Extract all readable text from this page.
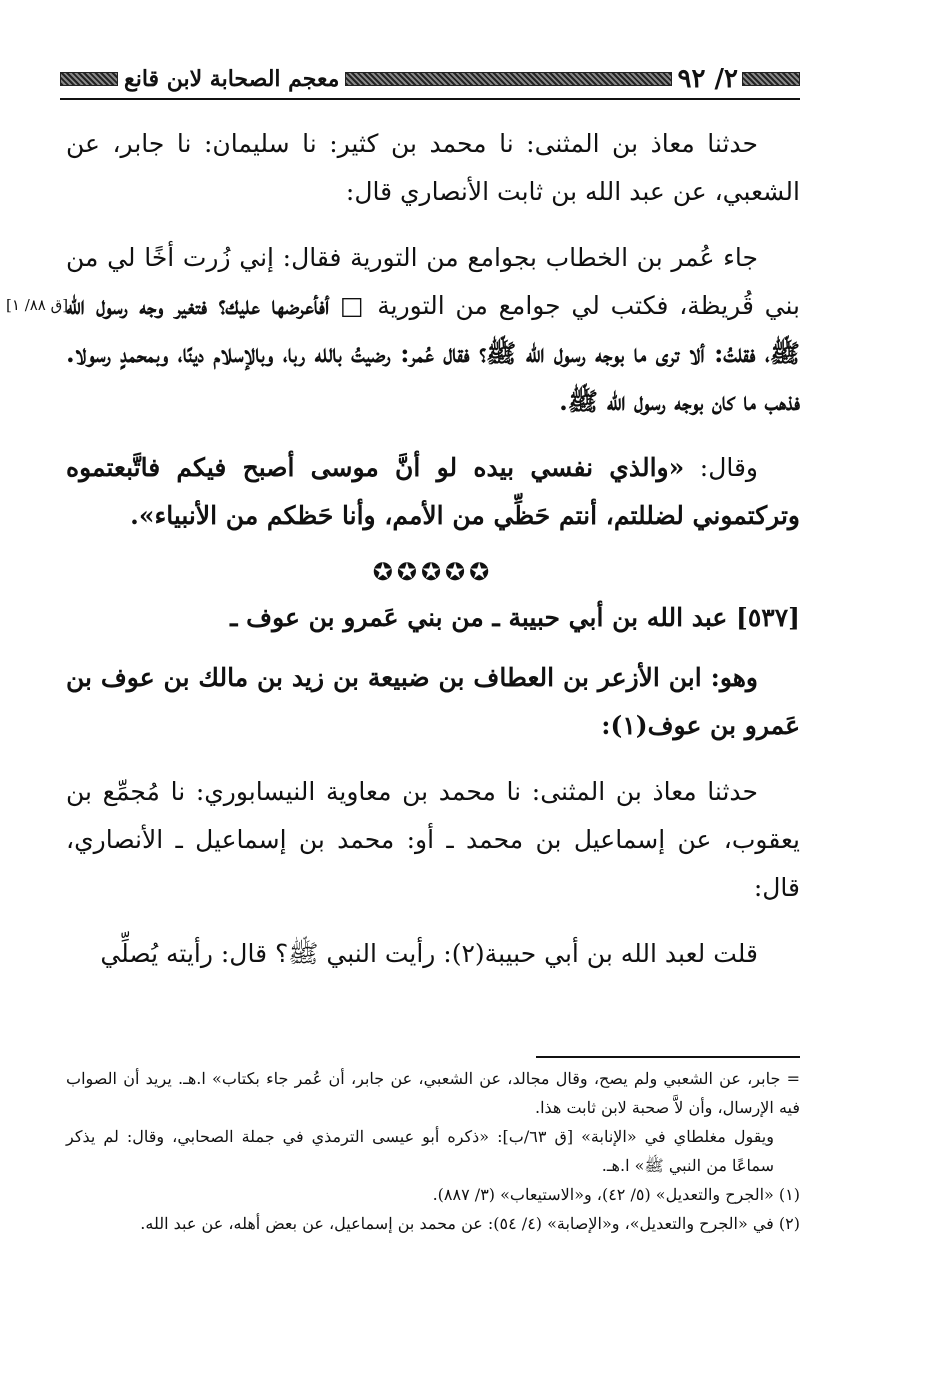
٢/ ٩٢
معجم الصحابة لابن قانع
[ق ٨٨/ ١]

حدثنا معاذ بن المثنى: نا محمد بن كثير: نا سليمان: نا جابر، عن الشعبي، عن عبد الله بن ثابت الأنصاري قال:

جاء عُمر بن الخطاب بجوامع من التورية فقال: إني زُرت أخًا لي من بني قُريظة، فكتب لي جوامع من التورية □ أفأعرضها عليك؟ فتغير وجه رسول الله ﷺ، فقلتُ: ألا ترى ما بوجه رسول الله ﷺ؟ فقال عُمر: رضيتُ بالله ربا، وبالإسلام دينًا، وبمحمدٍ رسولا. فذهب ما كان بوجه رسول الله ﷺ.

وقال: «والذي نفسي بيده لو أنَّ موسى أصبح فيكم فاتَّبعتموه وتركتموني لضللتم، أنتم حَظِّي من الأمم، وأنا حَظكم من الأنبياء».

✪✪✪✪✪

[٥٣٧] عبد الله بن أبي حبيبة ـ من بني عَمرو بن عوف ـ

وهو: ابن الأزعر بن العطاف بن ضبيعة بن زيد بن مالك بن عوف بن عَمرو بن عوف(١):

حدثنا معاذ بن المثنى: نا محمد بن معاوية النيسابوري: نا مُجمِّع بن يعقوب، عن إسماعيل بن محمد ـ أو: محمد بن إسماعيل ـ الأنصاري، قال:

قلت لعبد الله بن أبي حبيبة(٢): رأيت النبي ﷺ؟ قال: رأيته يُصلِّي

= جابر، عن الشعبي ولم يصح، وقال مجالد، عن الشعبي، عن جابر، أن عُمر جاء بكتاب» ا.هـ. يريد أن الصواب فيه الإرسال، وأن لاَّ صحبة لابن ثابت هذا.

ويقول مغلطاي في «الإنابة» [ق ٦٣/ب]: «ذكره أبو عيسى الترمذي في جملة الصحابي، وقال: لم يذكر سماعًا من النبي ﷺ» ا.هـ.

(١) «الجرح والتعديل» (٥/ ٤٢)، و«الاستيعاب» (٣/ ٨٨٧).

(٢) في «الجرح والتعديل»، و«الإصابة» (٤/ ٥٤): عن محمد بن إسماعيل، عن بعض أهله، عن عبد الله.
